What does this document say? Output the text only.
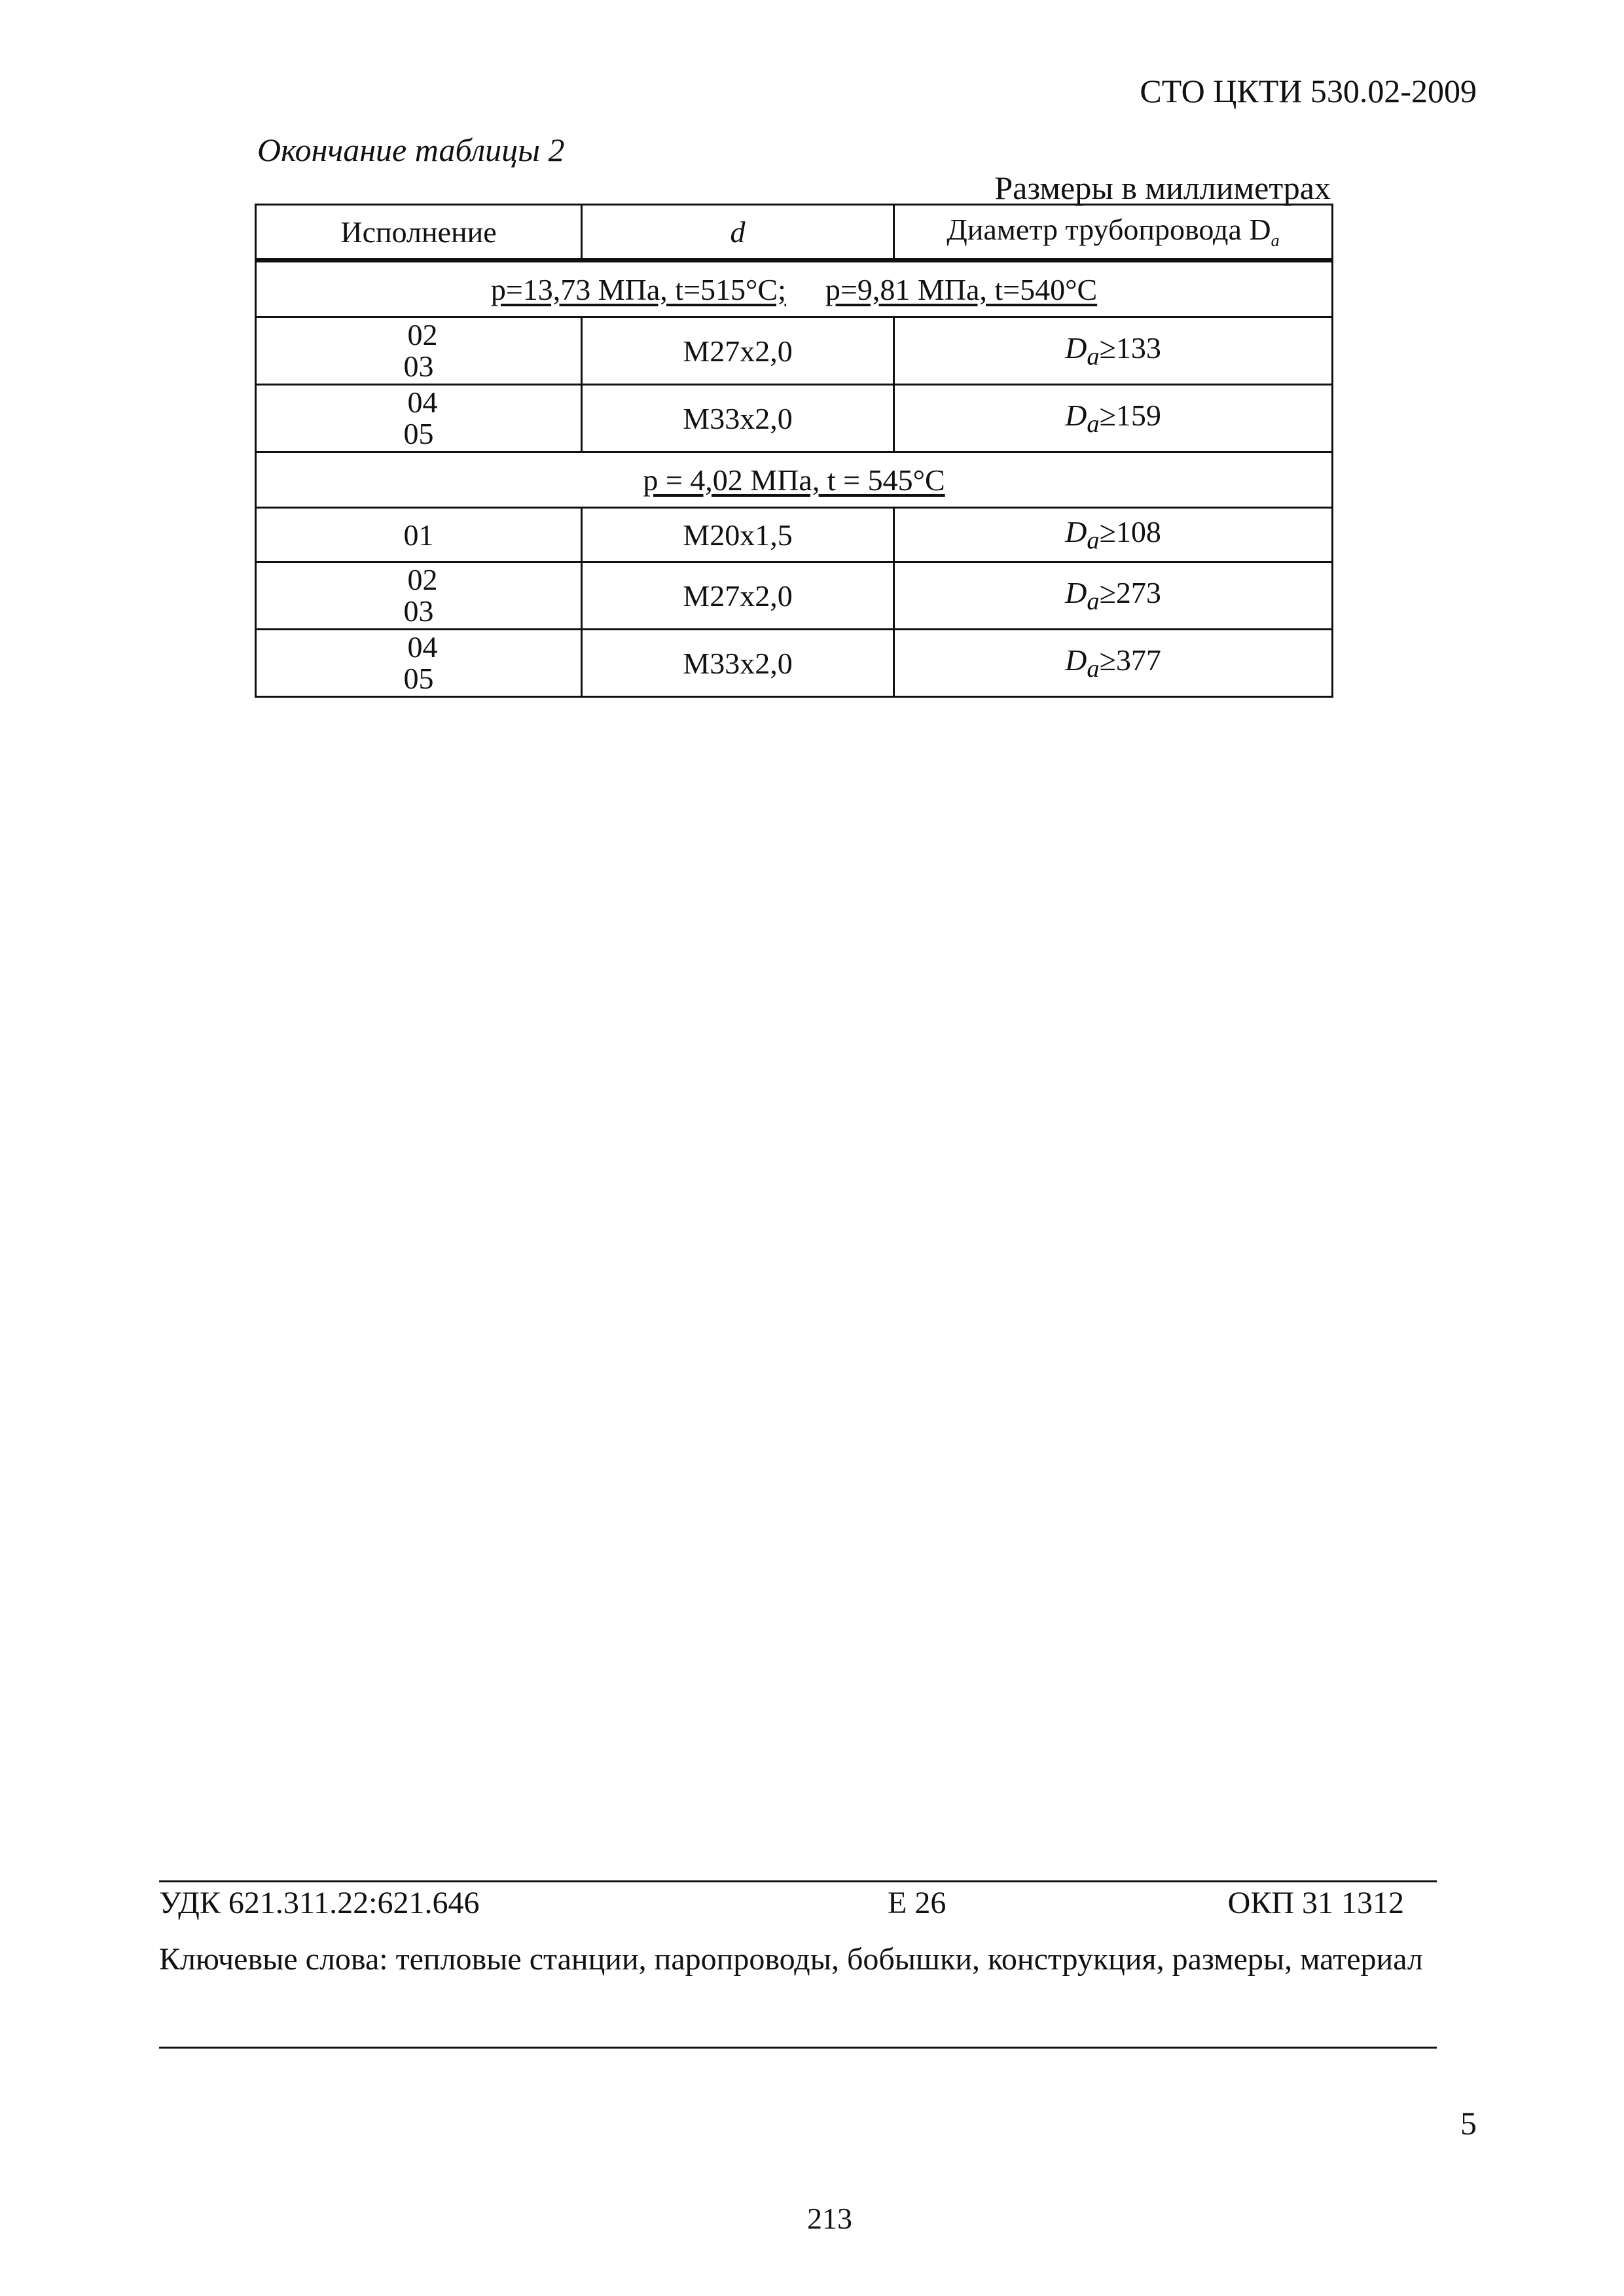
СТО ЦКТИ 530.02-2009
Окончание таблицы 2
Размеры в миллиметрах
Исполнение	d	Диаметр трубопровода $D_a$
p=13,73 МПа, t=515°С; p=9,81 МПа, t=540°С		

02
03	М27x2,0	$D_a\ge 133$

04
05	М33x2,0	$D_a\ge 159$
p = 4,02 МПа, t = 545°С		
01	М20x1,5	$D_a\ge 108$

02
03	М27x2,0	$D_a\ge 273$

04
05	М33x2,0	$D_a\ge 377$
УДК 621.311.22:621.646	Е 26	ОКП 31 1312
Ключевые слова: тепловые станции, паропроводы, бобышки, конструкция, размеры, материал
5
213
